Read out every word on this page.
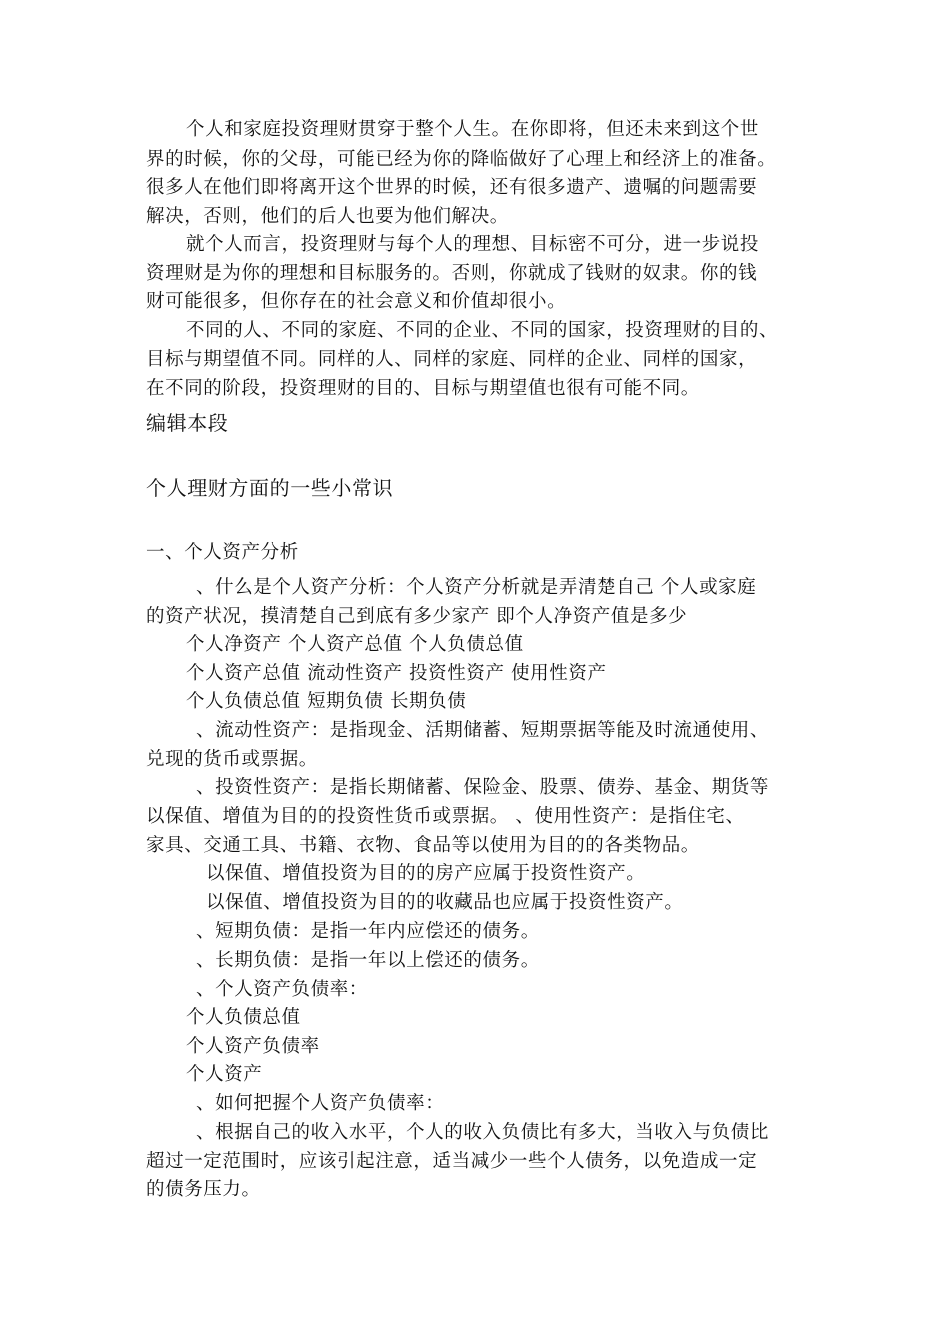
个人和家庭投资理财贯穿于整个人生。在你即将，但还未来到这个世
界的时候，你的父母，可能已经为你的降临做好了心理上和经济上的准备。
很多人在他们即将离开这个世界的时候，还有很多遗产、遗嘱的问题需要
解决，否则，他们的后人也要为他们解决。
就个人而言，投资理财与每个人的理想、目标密不可分，进一步说投
资理财是为你的理想和目标服务的。否则，你就成了钱财的奴隶。你的钱
财可能很多，但你存在的社会意义和价值却很小。
不同的人、不同的家庭、不同的企业、不同的国家，投资理财的目的、
目标与期望值不同。同样的人、同样的家庭、同样的企业、同样的国家，
在不同的阶段，投资理财的目的、目标与期望值也很有可能不同。
编辑本段
个人理财方面的一些小常识
一、个人资产分析
、什么是个人资产分析：个人资产分析就是弄清楚自己 个人或家庭
的资产状况，摸清楚自己到底有多少家产 即个人净资产值是多少
个人净资产 个人资产总值 个人负债总值
个人资产总值 流动性资产 投资性资产 使用性资产
个人负债总值 短期负债 长期负债
、流动性资产：是指现金、活期储蓄、短期票据等能及时流通使用、
兑现的货币或票据。
、投资性资产：是指长期储蓄、保险金、股票、债券、基金、期货等
以保值、增值为目的的投资性货币或票据。 、使用性资产：是指住宅、
家具、交通工具、书籍、衣物、食品等以使用为目的的各类物品。
以保值、增值投资为目的的房产应属于投资性资产。
以保值、增值投资为目的的收藏品也应属于投资性资产。
、短期负债：是指一年内应偿还的债务。
、长期负债：是指一年以上偿还的债务。
、个人资产负债率：
个人负债总值
个人资产负债率
个人资产
、如何把握个人资产负债率：
、根据自己的收入水平，个人的收入负债比有多大，当收入与负债比
超过一定范围时，应该引起注意，适当减少一些个人债务，以免造成一定
的债务压力。
